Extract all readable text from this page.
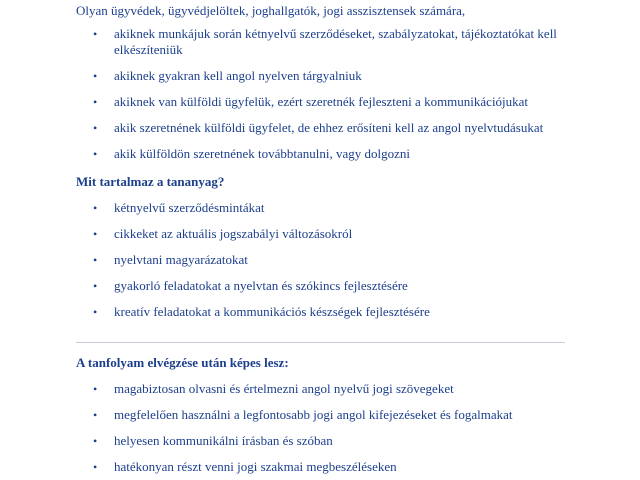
Olyan ügyvédek, ügyvédjelöltek, joghallgatók, jogi asszisztensek számára,

• akiknek munkájuk során kétnyelvű szerződéseket, szabályzatokat, tájékoztatókat kell elkészíteniük
• akiknek gyakran kell angol nyelven tárgyalniuk
• akiknek van külföldi ügyfelük, ezért szeretnék fejleszteni a kommunikációjukat
• akik szeretnének külföldi ügyfelet, de ehhez erősíteni kell az angol nyelvtudásukat
• akik külföldön szeretnének továbbtanulni, vagy dolgozni

Mit tartalmaz a tananyag?

• kétnyelvű szerződésmintákat
• cikkeket az aktuális jogszabályi változásokról
• nyelvtani magyarázatokat
• gyakorló feladatokat a nyelvtan és szókincs fejlesztésére
• kreatív feladatokat a kommunikációs készségek fejlesztésére

A tanfolyam elvégzése után képes lesz:

• magabiztosan olvasni és értelmezni angol nyelvű jogi szövegeket
• megfelelően használni a legfontosabb jogi angol kifejezéseket és fogalmakat
• helyesen kommunikálni írásban és szóban
• hatékonyan részt venni jogi szakmai megbeszéléseken
